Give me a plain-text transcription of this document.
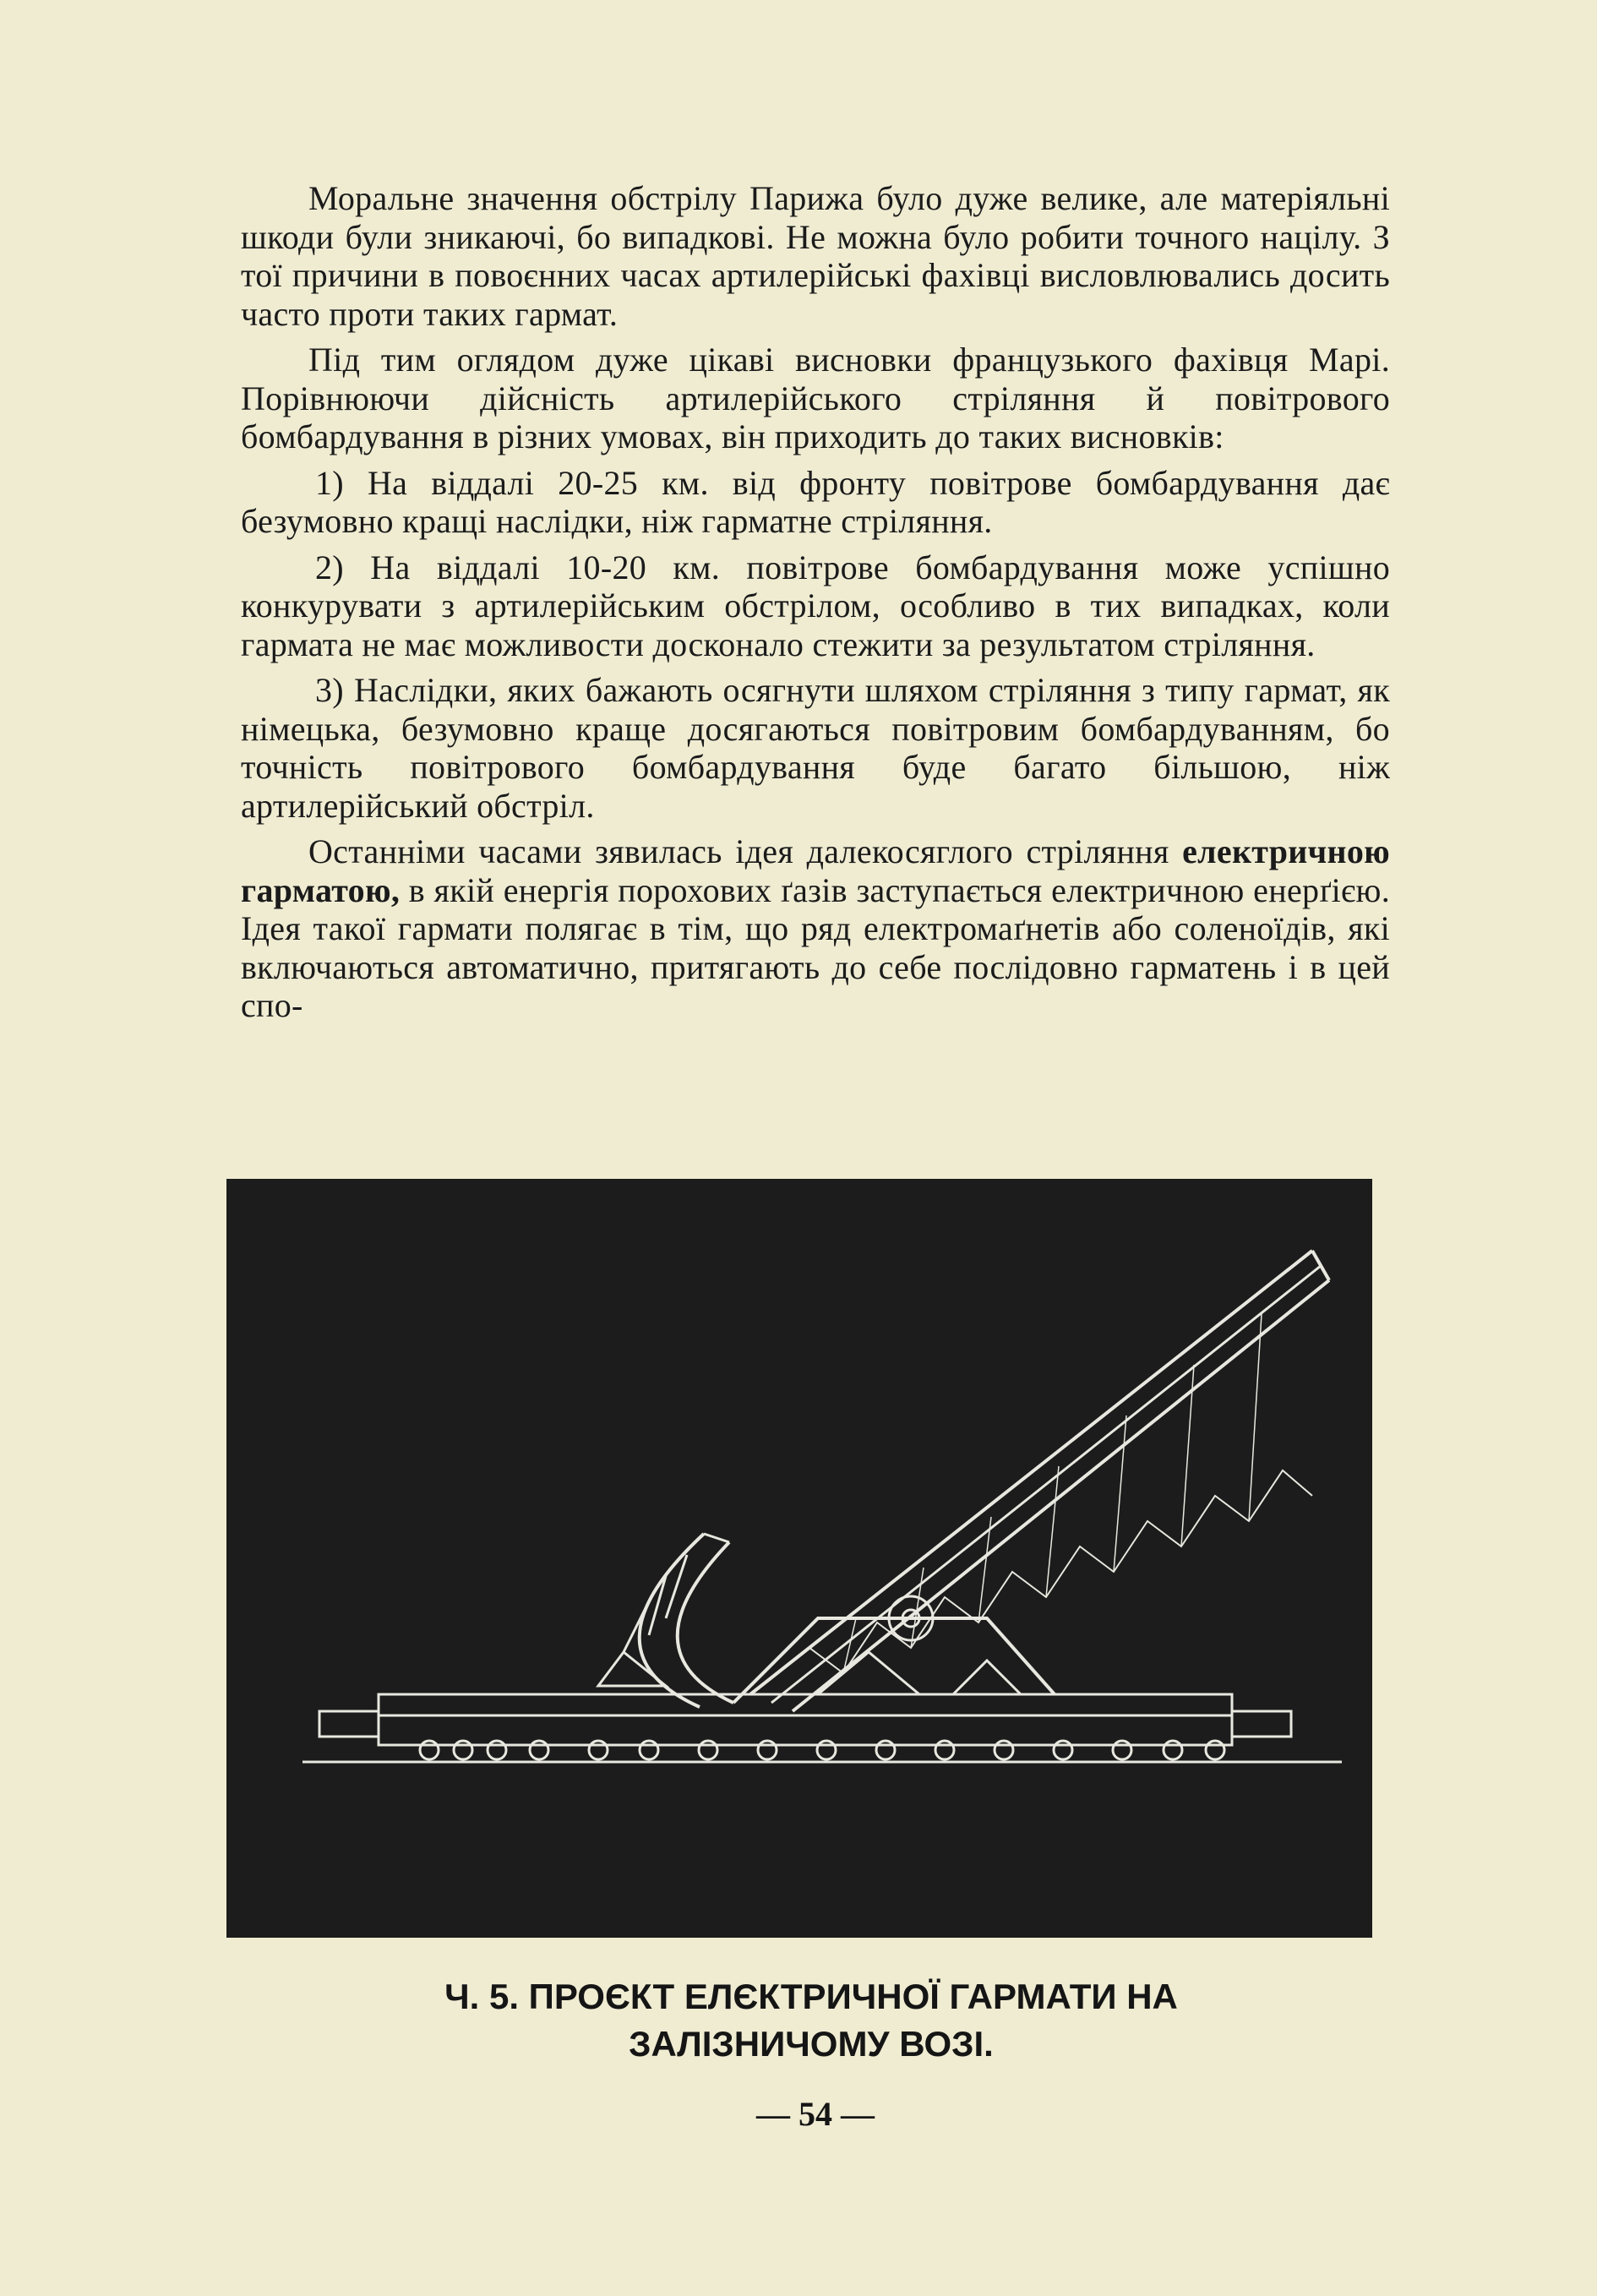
Моральне значення обстрілу Парижа було дуже велике, але матеріяльні шкоди були зникаючі, бо випадкові. Не можна було робити точного націлу. З тої причини в повоєнних часах артилерійські фахівці висловлювались досить часто проти таких гармат.

Під тим оглядом дуже цікаві висновки французького фахівця Марі. Порівнюючи дійсність артилерійського стріляння й повітрового бомбардування в різних умовах, він приходить до таких висновків:

1) На віддалі 20-25 км. від фронту повітрове бомбардування дає безумовно кращі наслідки, ніж гарматне стріляння.

2) На віддалі 10-20 км. повітрове бомбардування може успішно конкурувати з артилерійським обстрілом, особливо в тих випадках, коли гармата не має можливости досконало стежити за результатом стріляння.

3) Наслідки, яких бажають осягнути шляхом стріляння з типу гармат, як німецька, безумовно краще досягаються повітровим бомбардуванням, бо точність повітрового бомбардування буде багато більшою, ніж артилерійський обстріл.

Останніми часами зявилась ідея далекосяглого стріляння електричною гарматою, в якій енергія порохових ґазів заступається електричною енерґією. Ідея такої гармати полягає в тім, що ряд електромаґнетів або соленоїдів, які включаються автоматично, притягають до себе послідовно гарматень і в цей спо-

Ч. 5. ПРОЄКТ ЕЛЄКТРИЧНОЇ ГАРМАТИ НА
ЗАЛІЗНИЧОМУ ВОЗІ.
— 54 —
